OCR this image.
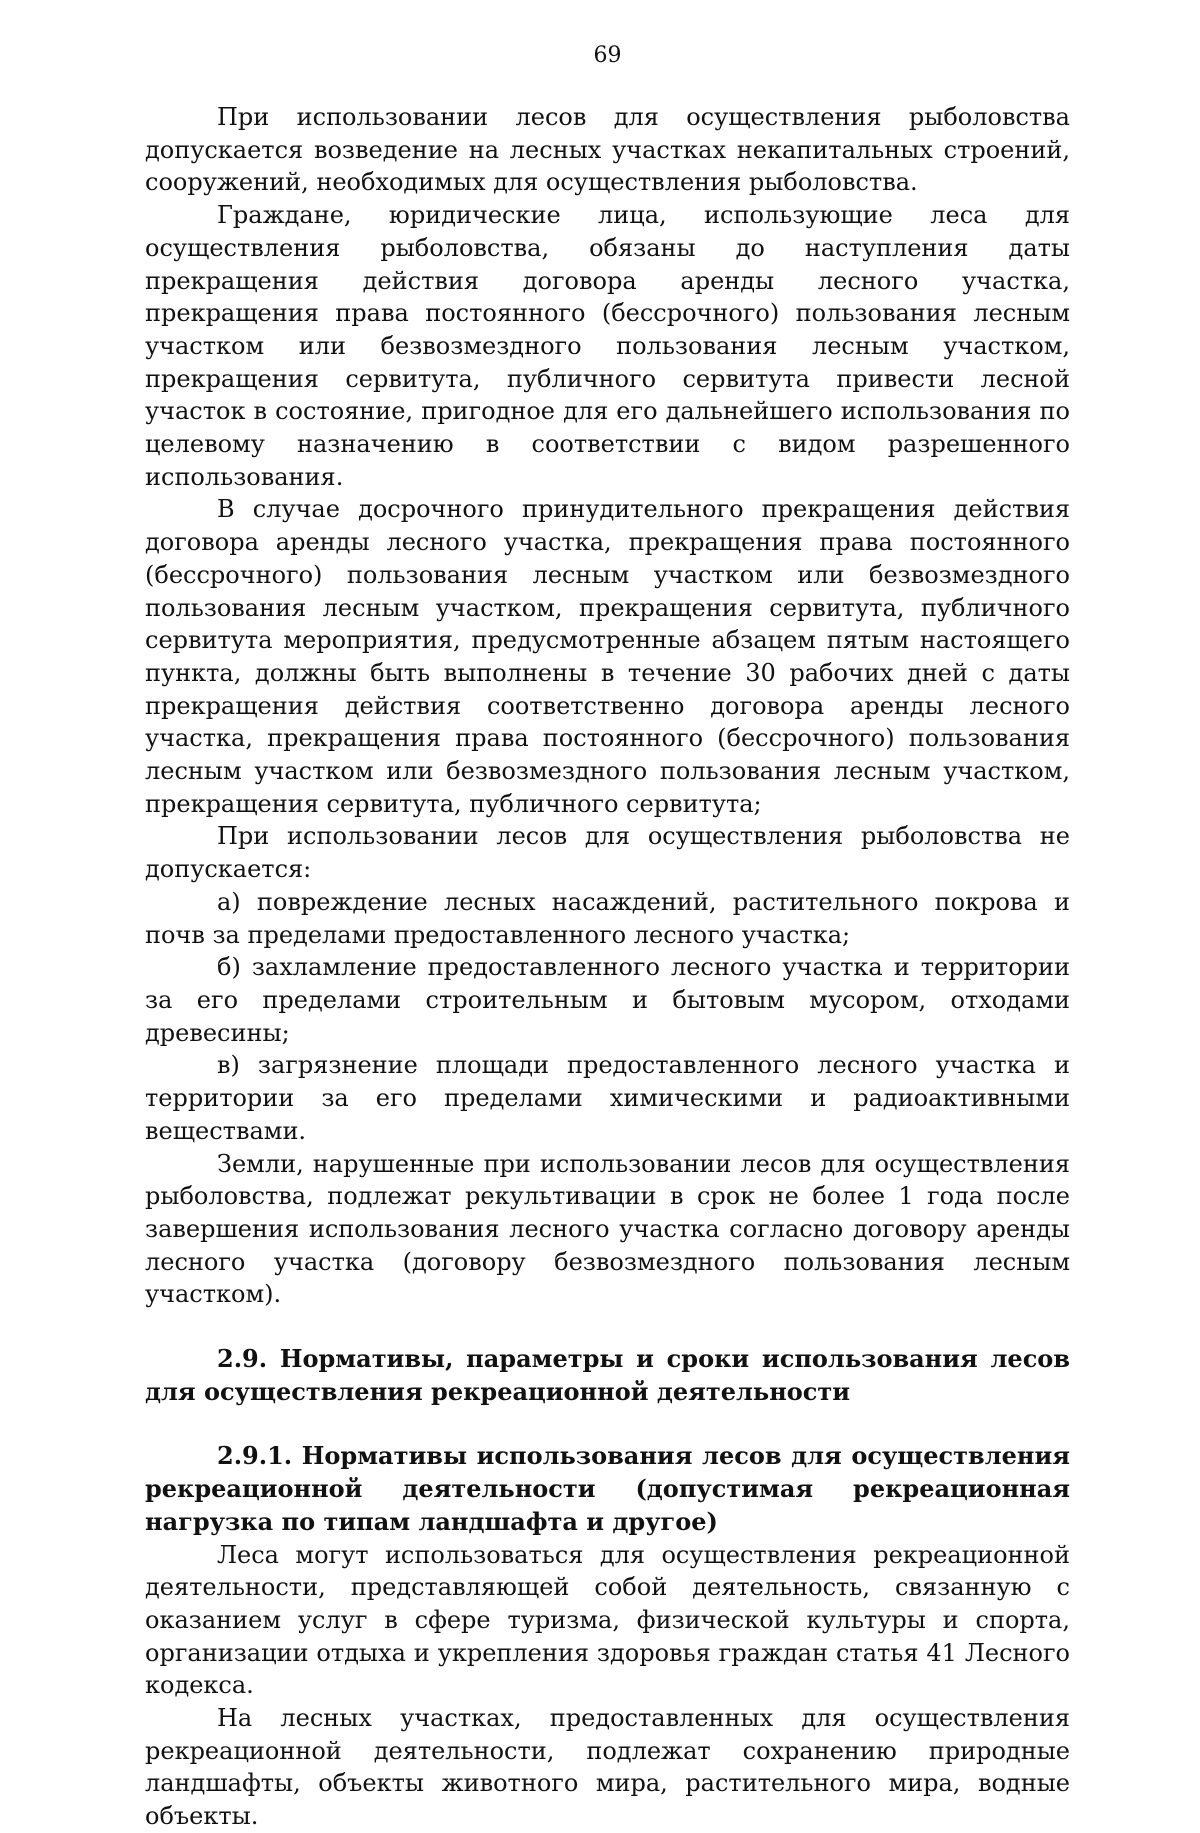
69

При использовании лесов для осуществления рыболовства допускается возведение на лесных участках некапитальных строений, сооружений, необходимых для осуществления рыболовства.

Граждане, юридические лица, использующие леса для осуществления рыболовства, обязаны до наступления даты прекращения действия договора аренды лесного участка, прекращения права постоянного (бессрочного) пользования лесным участком или безвозмездного пользования лесным участком, прекращения сервитута, публичного сервитута привести лесной участок в состояние, пригодное для его дальнейшего использования по целевому назначению в соответствии с видом разрешенного использования.

В случае досрочного принудительного прекращения действия договора аренды лесного участка, прекращения права постоянного (бессрочного) пользования лесным участком или безвозмездного пользования лесным участком, прекращения сервитута, публичного сервитута мероприятия, предусмотренные абзацем пятым настоящего пункта, должны быть выполнены в течение 30 рабочих дней с даты прекращения действия соответственно договора аренды лесного участка, прекращения права постоянного (бессрочного) пользования лесным участком или безвозмездного пользования лесным участком, прекращения сервитута, публичного сервитута;

При использовании лесов для осуществления рыболовства не допускается:

а) повреждение лесных насаждений, растительного покрова и почв за пределами предоставленного лесного участка;

б) захламление предоставленного лесного участка и территории за его пределами строительным и бытовым мусором, отходами древесины;

в) загрязнение площади предоставленного лесного участка и территории за его пределами химическими и радиоактивными веществами.

Земли, нарушенные при использовании лесов для осуществления рыболовства, подлежат рекультивации в срок не более 1 года после завершения использования лесного участка согласно договору аренды лесного участка (договору безвозмездного пользования лесным участком).

2.9. Нормативы, параметры и сроки использования лесов для осуществления рекреационной деятельности
2.9.1. Нормативы использования лесов для осуществления рекреационной деятельности (допустимая рекреационная нагрузка по типам ландшафта и другое)

Леса могут использоваться для осуществления рекреационной деятельности, представляющей собой деятельность, связанную с оказанием услуг в сфере туризма, физической культуры и спорта, организации отдыха и укрепления здоровья граждан статья 41 Лесного кодекса.

На лесных участках, предоставленных для осуществления рекреационной деятельности, подлежат сохранению природные ландшафты, объекты животного мира, растительного мира, водные объекты.
